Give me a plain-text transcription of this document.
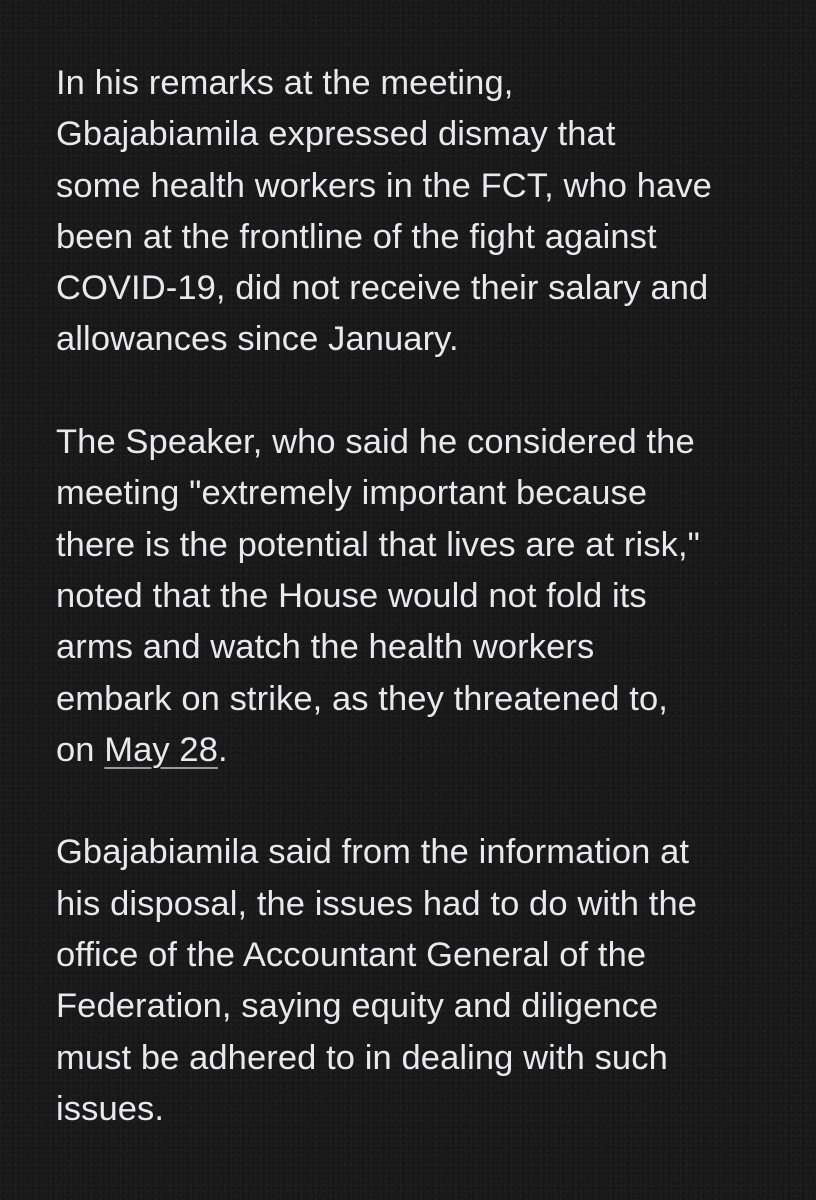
In his remarks at the meeting,
Gbajabiamila expressed dismay that
some health workers in the FCT, who have
been at the frontline of the fight against
COVID-19, did not receive their salary and
allowances since January.

The Speaker, who said he considered the
meeting "extremely important because
there is the potential that lives are at risk,"
noted that the House would not fold its
arms and watch the health workers
embark on strike, as they threatened to,
on May 28.

Gbajabiamila said from the information at
his disposal, the issues had to do with the
office of the Accountant General of the
Federation, saying equity and diligence
must be adhered to in dealing with such
issues.
